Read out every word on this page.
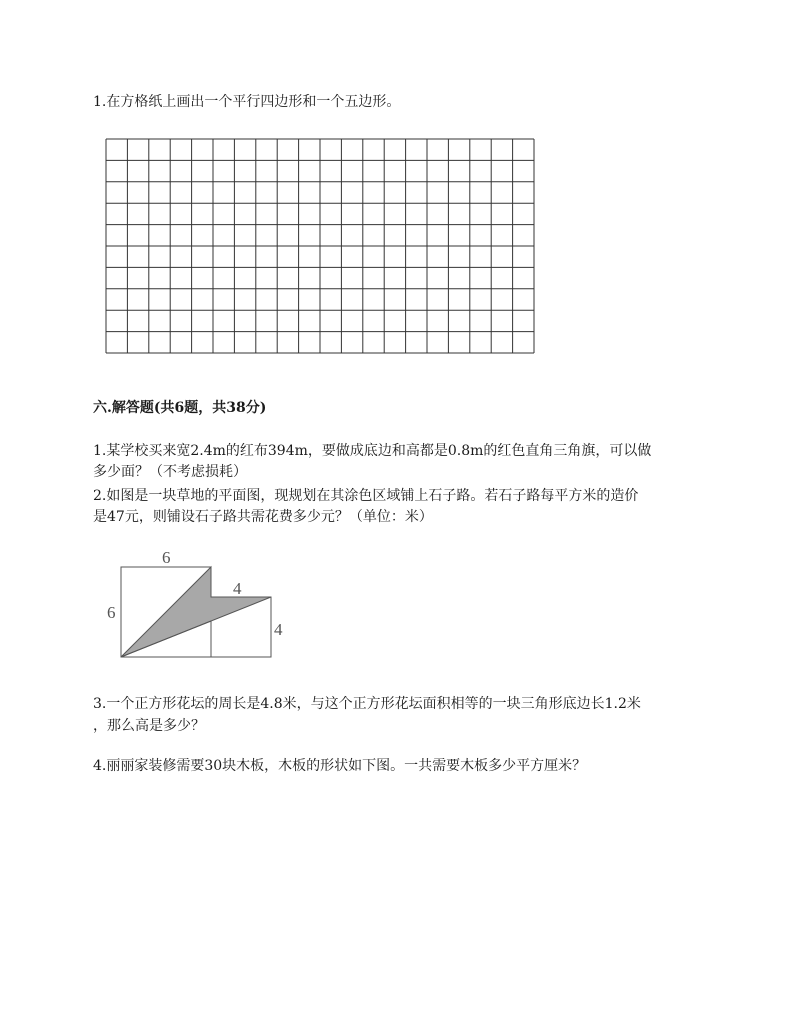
1.在方格纸上画出一个平行四边形和一个五边形。
六.解答题(共6题，共38分)
1.某学校买来宽2.4m的红布394m，要做成底边和高都是0.8m的红色直角三角旗，可以做
多少面？（不考虑损耗）
2.如图是一块草地的平面图，现规划在其涂色区域铺上石子路。若石子路每平方米的造价
是47元，则铺设石子路共需花费多少元？（单位：米）
6
6
4
4
3.一个正方形花坛的周长是4.8米，与这个正方形花坛面积相等的一块三角形底边长1.2米
，那么高是多少？
4.丽丽家装修需要30块木板，木板的形状如下图。一共需要木板多少平方厘米？
